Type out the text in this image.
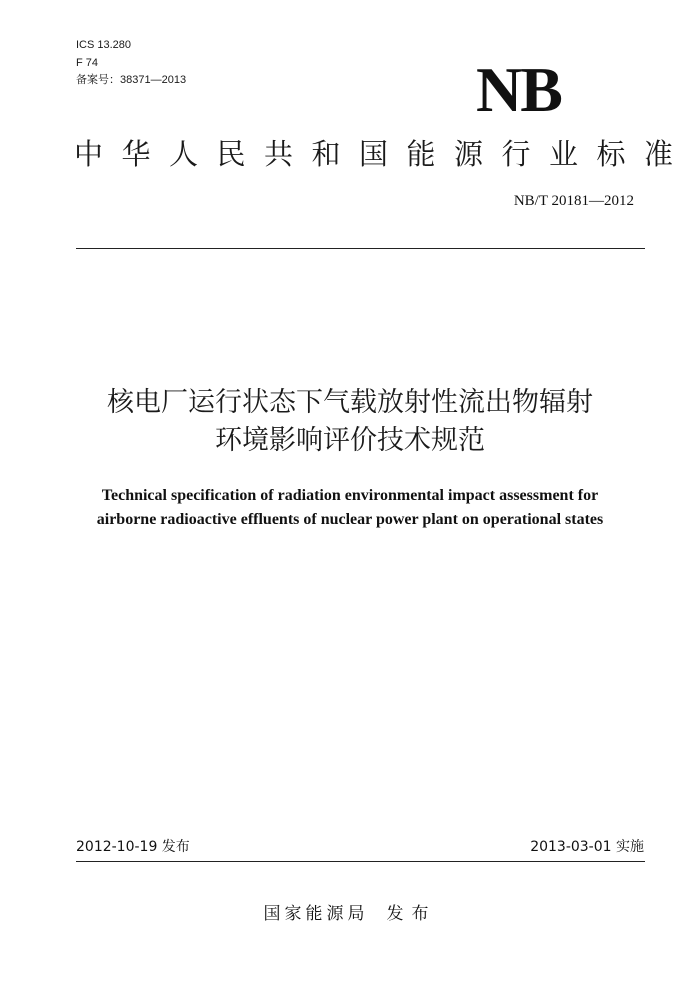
ICS 13.280
F 74
备案号：38371—2013	NB
中华人民共和国能源行业标准
NB/T 20181—2012
核电厂运行状态下气载放射性流出物辐射
环境影响评价技术规范
Technical specification of radiation environmental impact assessment for
airborne radioactive effluents of nuclear power plant on operational states
2012-10-19 发布	2013-03-01 实施
国家能源局 发布
